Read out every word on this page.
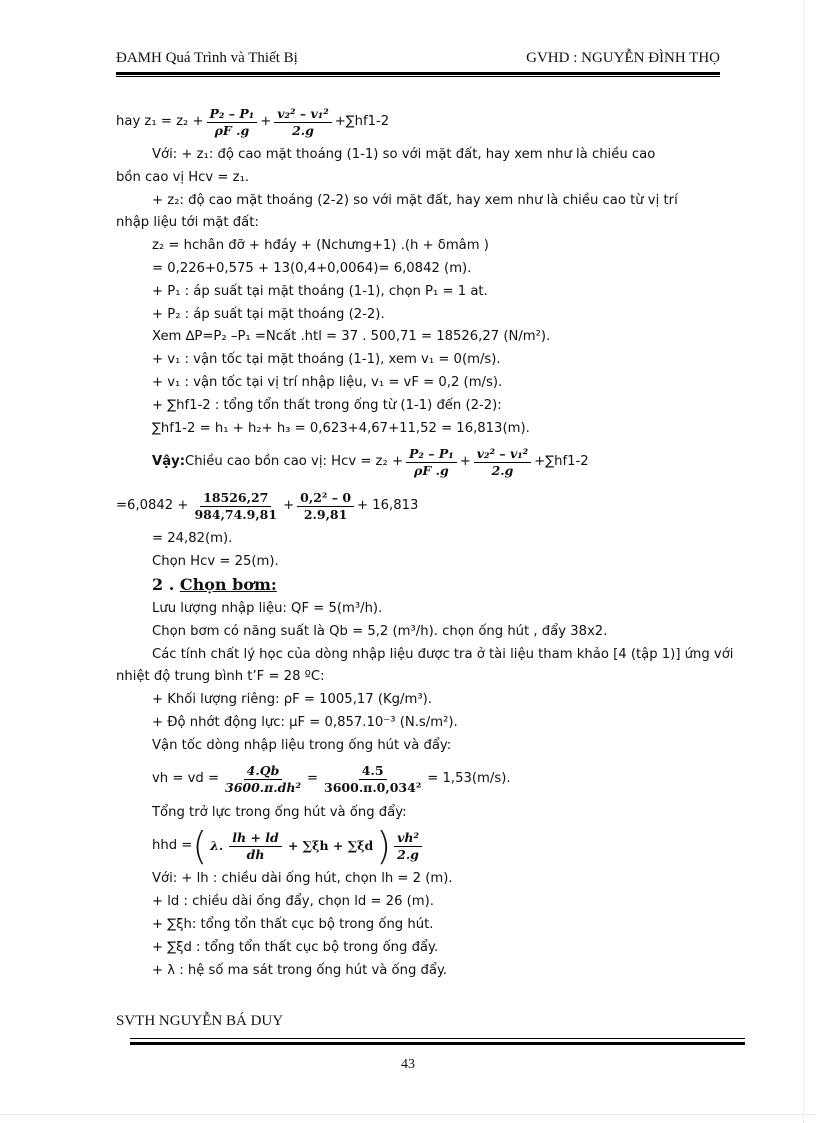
ĐAMH Quá Trình và Thiết Bị	GVHD : NGUYỄN ĐÌNH THỌ
hay $z_1 = z_2 + \frac{\text{P₂ – P₁}}{\rho F .g} + \frac{\text{v₂² – v₁²}}{2.g} +\sum hf1-2$
Với: + z₁: độ cao mặt thoáng (1-1) so với mặt đất, hay xem như là chiều cao
bồn cao vị Hcv = z₁.
+ z₂: độ cao mặt thoáng (2-2) so với mặt đất, hay xem như là chiều cao từ vị trí
nhập liệu tới mặt đất:
z₂ = hchân đỡ + hđáy + (Nchưng+1) .(h + δmâm )
= 0,226+0,575 + 13(0,4+0,0064)= 6,0842 (m).
+ P₁ : áp suất tại mặt thoáng (1-1), chọn P₁ = 1 at.
+ P₂ : áp suất tại mặt thoáng (2-2).
Xem ∆P=P₂ –P₁ =Ncất .htl = 37 . 500,71 = 18526,27 (N/m²).
+ v₁ : vận tốc tại mặt thoáng (1-1), xem v₁ = 0(m/s).
+ v₁ : vận tốc tại vị trí nhập liệu, v₁ = vF = 0,2 (m/s).
+ ∑hf1-2 : tổng tổn thất trong ống từ (1-1) đến (2-2):
∑hf1-2 = h₁ + h₂+ h₃ = 0,623+4,67+11,52 = 16,813(m).
Vậy: Chiều cao bồn cao vị: Hcv = $z_2 + \frac{\text{P₂ – P₁}}{\rho F .g} + \frac{\text{v₂² – v₁²}}{2.g} +\sum hf1-2$
$=6,0842 + \frac{18526,27}{984,74.9,81} + \frac{\text{0,2² – 0}}{2.9,81} + 16,813$
= 24,82(m).
Chọn Hcv = 25(m).
2 . Chọn bơm:
Lưu lượng nhập liệu: QF = 5(m³/h).
Chọn bơm có năng suất là Qb = 5,2 (m³/h). chọn ống hút , đẩy 38x2.
Các tính chất lý học của dòng nhập liệu được tra ở tài liệu tham khảo [4 (tập 1)] ứng với nhiệt độ trung bình t’F = 28 ºC:
+ Khối lượng riêng: ρF = 1005,17 (Kg/m³).
+ Độ nhớt động lực: μF = 0,857.10⁻³ (N.s/m²).
Vận tốc dòng nhập liệu trong ống hút và đẩy:
vh = vd = $\frac{4.Qb}{\text{3600.π.dh²}} = \frac{4.5}{\text{3600.π.0,034²}} = 1,53(m/s)$.
Tổng trở lực trong ống hút và ống đẩy:
hhd = ( λ.
lh + ld
dh
+ ∑ξh + ∑ξd ) vh²
2.g
Với: + lh : chiều dài ống hút, chọn lh = 2 (m).
+ ld : chiều dài ống đẩy, chọn ld = 26 (m).
+ ∑ξh: tổng tổn thất cục bộ trong ống hút.
+ ∑ξd : tổng tổn thất cục bộ trong ống đẩy.
+ λ : hệ số ma sát trong ống hút và ống đẩy.
SVTH NGUYỄN BÁ DUY
43
